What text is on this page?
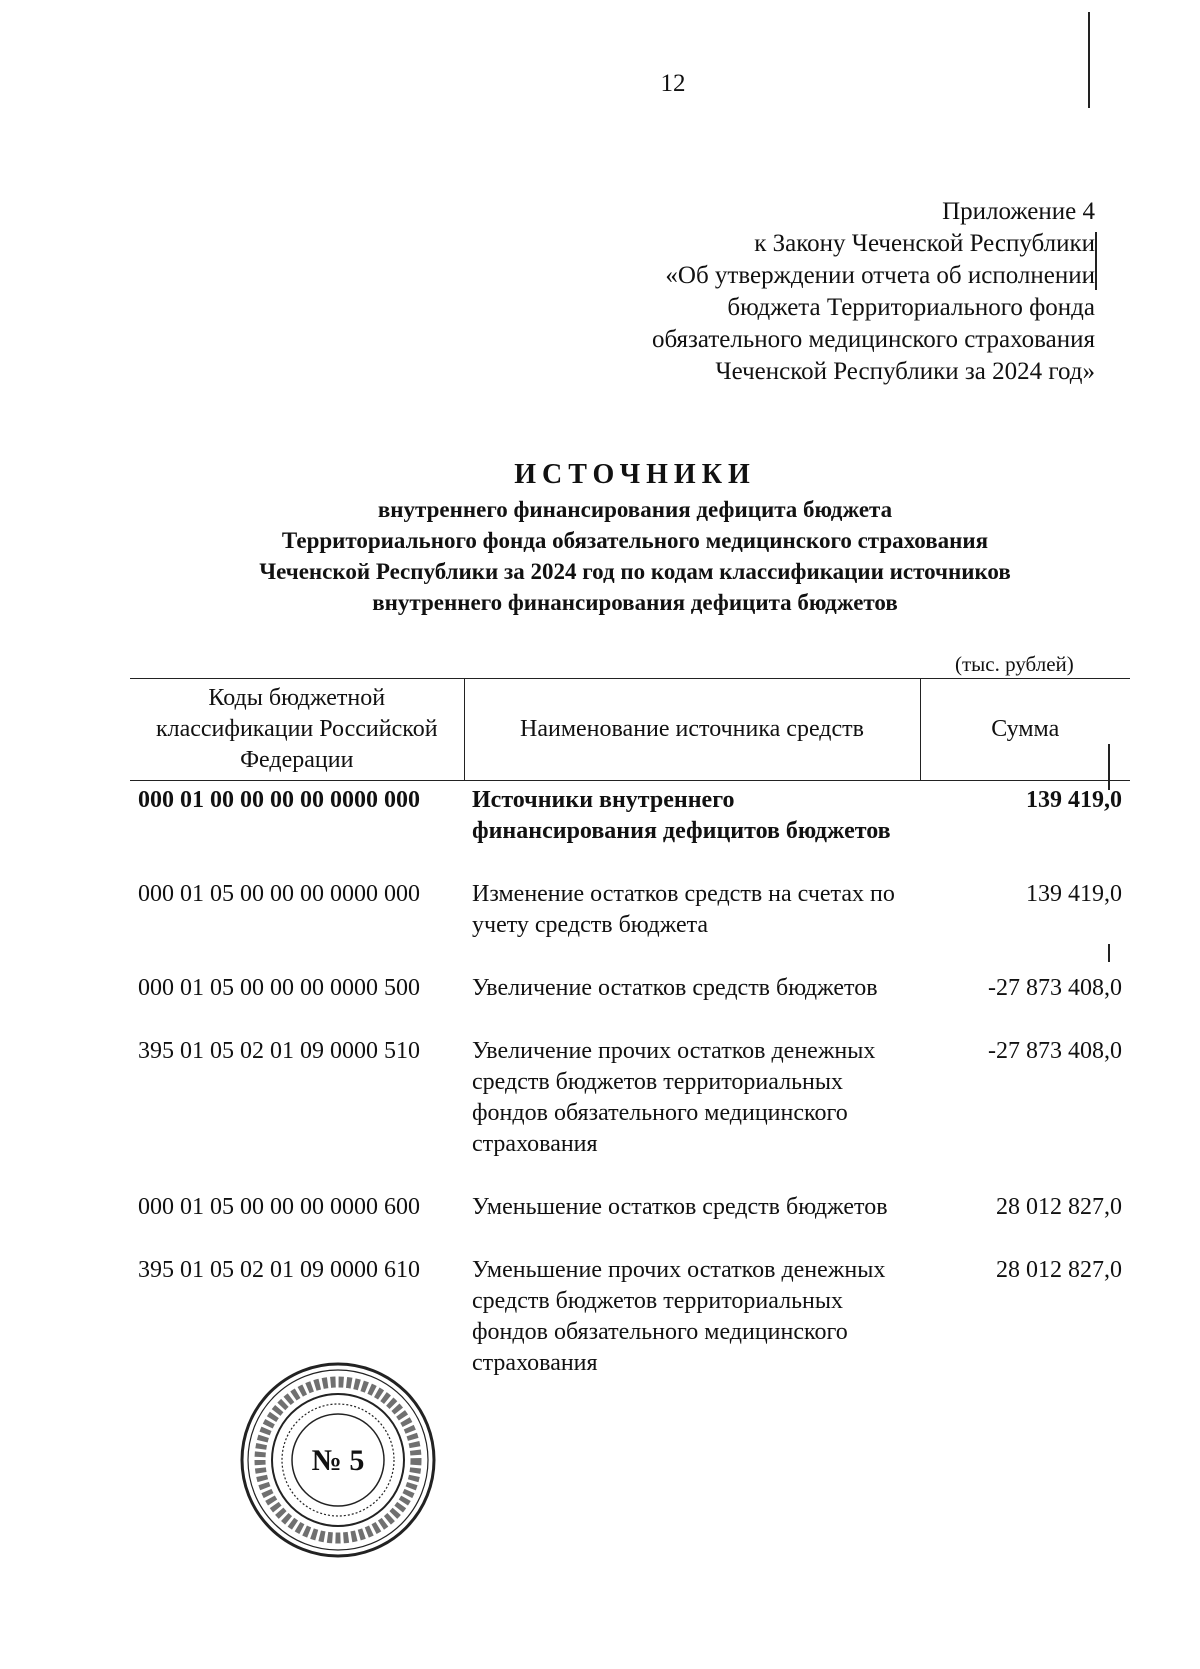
12
Приложение 4
к Закону Чеченской Республики
«Об утверждении отчета об исполнении
бюджета Территориального фонда
обязательного медицинского страхования
Чеченской Республики за 2024 год»
ИСТОЧНИКИ
внутреннего финансирования дефицита бюджета
Территориального фонда обязательного медицинского страхования
Чеченской Республики за 2024 год по кодам классификации источников
внутреннего финансирования дефицита бюджетов
(тыс. рублей)
Коды бюджетной классификации Российской Федерации	Наименование источника средств	Сумма
000 01 00 00 00 00 0000 000	Источники внутреннего финансирования дефицитов бюджетов	139 419,0
000 01 05 00 00 00 0000 000	Изменение остатков средств на счетах по учету средств бюджета	139 419,0
000 01 05 00 00 00 0000 500	Увеличение остатков средств бюджетов	-27 873 408,0
395 01 05 02 01 09 0000 510	Увеличение прочих остатков денежных средств бюджетов территориальных фондов обязательного медицинского страхования	-27 873 408,0
000 01 05 00 00 00 0000 600	Уменьшение остатков средств бюджетов	28 012 827,0
395 01 05 02 01 09 0000 610	Уменьшение прочих остатков денежных средств бюджетов территориальных фондов обязательного медицинского страхования	28 012 827,0
№ 5
